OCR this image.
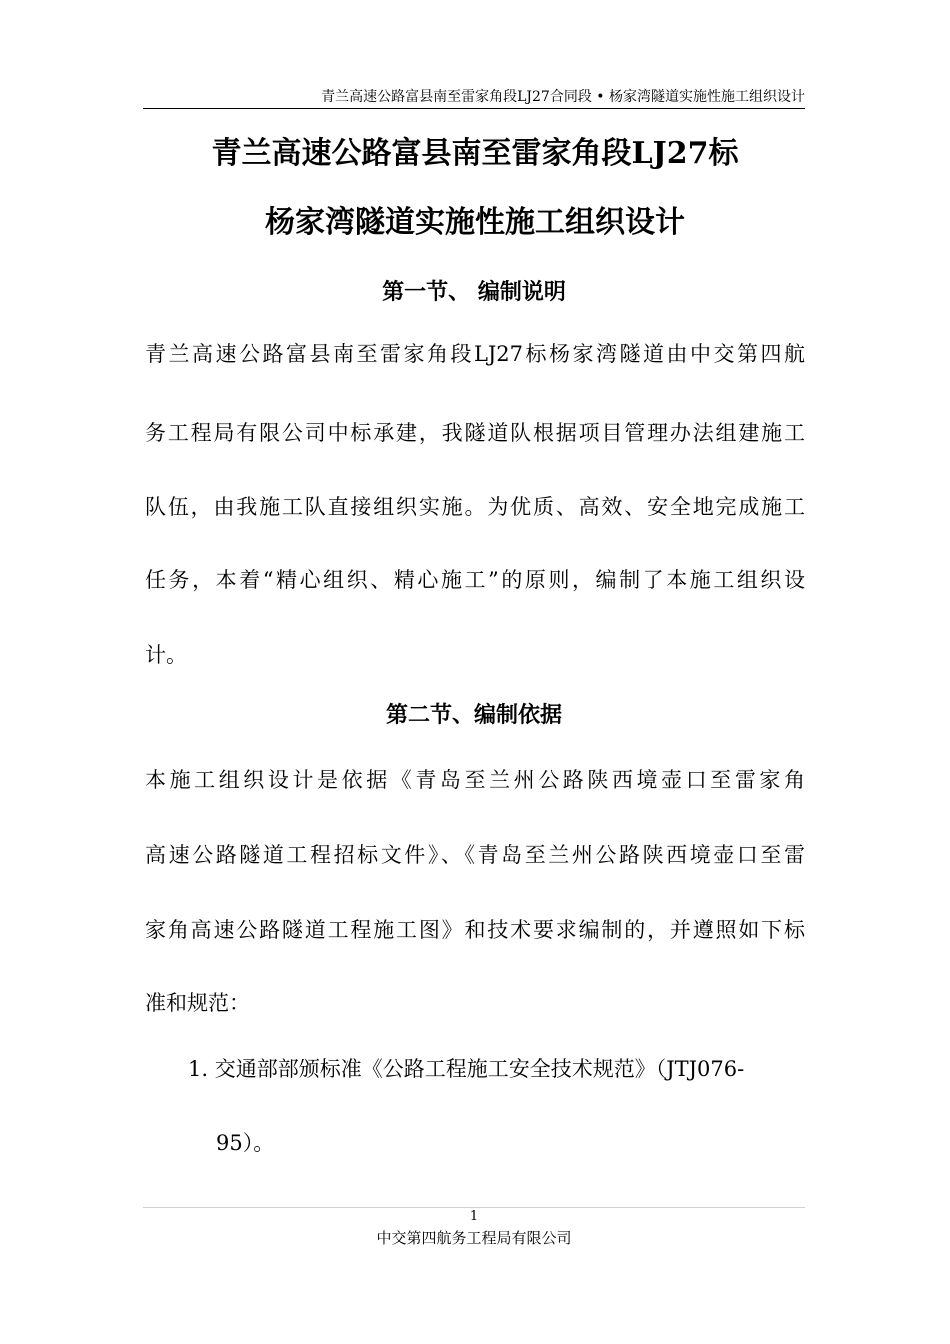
青兰高速公路富县南至雷家角段LJ27合同段 • 杨家湾隧道实施性施工组织设计
青兰高速公路富县南至雷家角段LJ27标
杨家湾隧道实施性施工组织设计
第一节、 编制说明
青兰高速公路富县南至雷家角段LJ27标杨家湾隧道由中交第四航
务工程局有限公司中标承建，我隧道队根据项目管理办法组建施工
队伍，由我施工队直接组织实施。为优质、高效、安全地完成施工
任务，本着“精心组织、精心施工”的原则，编制了本施工组织设
计。
第二节、编制依据
本施工组织设计是依据《青岛至兰州公路陕西境壶口至雷家角
高速公路隧道工程招标文件》、《青岛至兰州公路陕西境壶口至雷
家角高速公路隧道工程施工图》和技术要求编制的，并遵照如下标
准和规范：
1. 交通部部颁标准《公路工程施工安全技术规范》（JTJ076-
95）。
1
中交第四航务工程局有限公司
